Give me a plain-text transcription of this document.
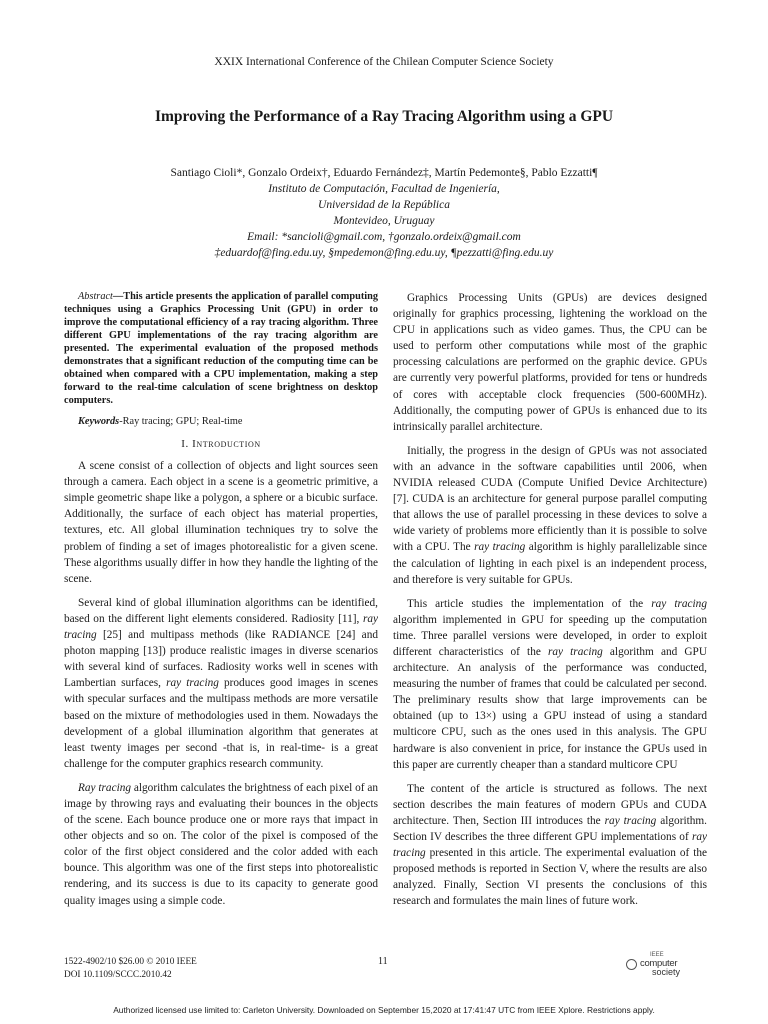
XXIX International Conference of the Chilean Computer Science Society
Improving the Performance of a Ray Tracing Algorithm using a GPU
Santiago Cioli*, Gonzalo Ordeix†, Eduardo Fernández‡, Martín Pedemonte§, Pablo Ezzatti¶
Instituto de Computación, Facultad de Ingeniería,
Universidad de la República
Montevideo, Uruguay
Email: *sancioli@gmail.com, †gonzalo.ordeix@gmail.com
‡eduardof@fing.edu.uy, §mpedemon@fing.edu.uy, ¶pezzatti@fing.edu.uy

Abstract—This article presents the application of parallel computing techniques using a Graphics Processing Unit (GPU) in order to improve the computational efficiency of a ray tracing algorithm. Three different GPU implementations of the ray tracing algorithm are presented. The experimental evaluation of the proposed methods demonstrates that a significant reduction of the computing time can be obtained when compared with a CPU implementation, making a step forward to the real-time calculation of scene brightness on desktop computers.

Keywords-Ray tracing; GPU; Real-time

I. Introduction

A scene consist of a collection of objects and light sources seen through a camera. Each object in a scene is a geometric primitive, a simple geometric shape like a polygon, a sphere or a bicubic surface. Additionally, the surface of each object has material properties, textures, etc. All global illumination techniques try to solve the problem of finding a set of images photorealistic for a given scene. These algorithms usually differ in how they handle the lighting of the scene.

Several kind of global illumination algorithms can be identified, based on the different light elements considered. Radiosity [11], ray tracing [25] and multipass methods (like RADIANCE [24] and photon mapping [13]) produce realistic images in diverse scenarios with several kind of surfaces. Radiosity works well in scenes with Lambertian surfaces, ray tracing produces good images in scenes with specular surfaces and the multipass methods are more versatile based on the mixture of methodologies used in them. Nowadays the development of a global illumination algorithm that generates at least twenty images per second -that is, in real-time- is a great challenge for the computer graphics research community.

Ray tracing algorithm calculates the brightness of each pixel of an image by throwing rays and evaluating their bounces in the objects of the scene. Each bounce produce one or more rays that impact in other objects and so on. The color of the pixel is composed of the color of the first object considered and the color added with each bounce. This algorithm was one of the first steps into photorealistic rendering, and its success is due to its capacity to generate good quality images using a simple code.

Graphics Processing Units (GPUs) are devices designed originally for graphics processing, lightening the workload on the CPU in applications such as video games. Thus, the CPU can be used to perform other computations while most of the graphic processing calculations are performed on the graphic device. GPUs are currently very powerful platforms, provided for tens or hundreds of cores with acceptable clock frequencies (500-600MHz). Additionally, the computing power of GPUs is enhanced due to its intrinsically parallel architecture.

Initially, the progress in the design of GPUs was not associated with an advance in the software capabilities until 2006, when NVIDIA released CUDA (Compute Unified Device Architecture) [7]. CUDA is an architecture for general purpose parallel computing that allows the use of parallel processing in these devices to solve a wide variety of problems more efficiently than it is possible to solve with a CPU. The ray tracing algorithm is highly parallelizable since the calculation of lighting in each pixel is an independent process, and therefore is very suitable for GPUs.

This article studies the implementation of the ray tracing algorithm implemented in GPU for speeding up the computation time. Three parallel versions were developed, in order to exploit different characteristics of the ray tracing algorithm and GPU architecture. An analysis of the performance was conducted, measuring the number of frames that could be calculated per second. The preliminary results show that large improvements can be obtained (up to 13×) using a GPU instead of using a standard multicore CPU, such as the ones used in this analysis. The GPU hardware is also convenient in price, for instance the GPUs used in this paper are currently cheaper than a standard multicore CPU

The content of the article is structured as follows. The next section describes the main features of modern GPUs and CUDA architecture. Then, Section III introduces the ray tracing algorithm. Section IV describes the three different GPU implementations of ray tracing presented in this article. The experimental evaluation of the proposed methods is reported in Section V, where the results are also analyzed. Finally, Section VI presents the conclusions of this research and formulates the main lines of future work.

1522-4902/10 $26.00 © 2010 IEEE
DOI 10.1109/SCCC.2010.42
11
IEEE
computer
society
Authorized licensed use limited to: Carleton University. Downloaded on September 15,2020 at 17:41:47 UTC from IEEE Xplore. Restrictions apply.
